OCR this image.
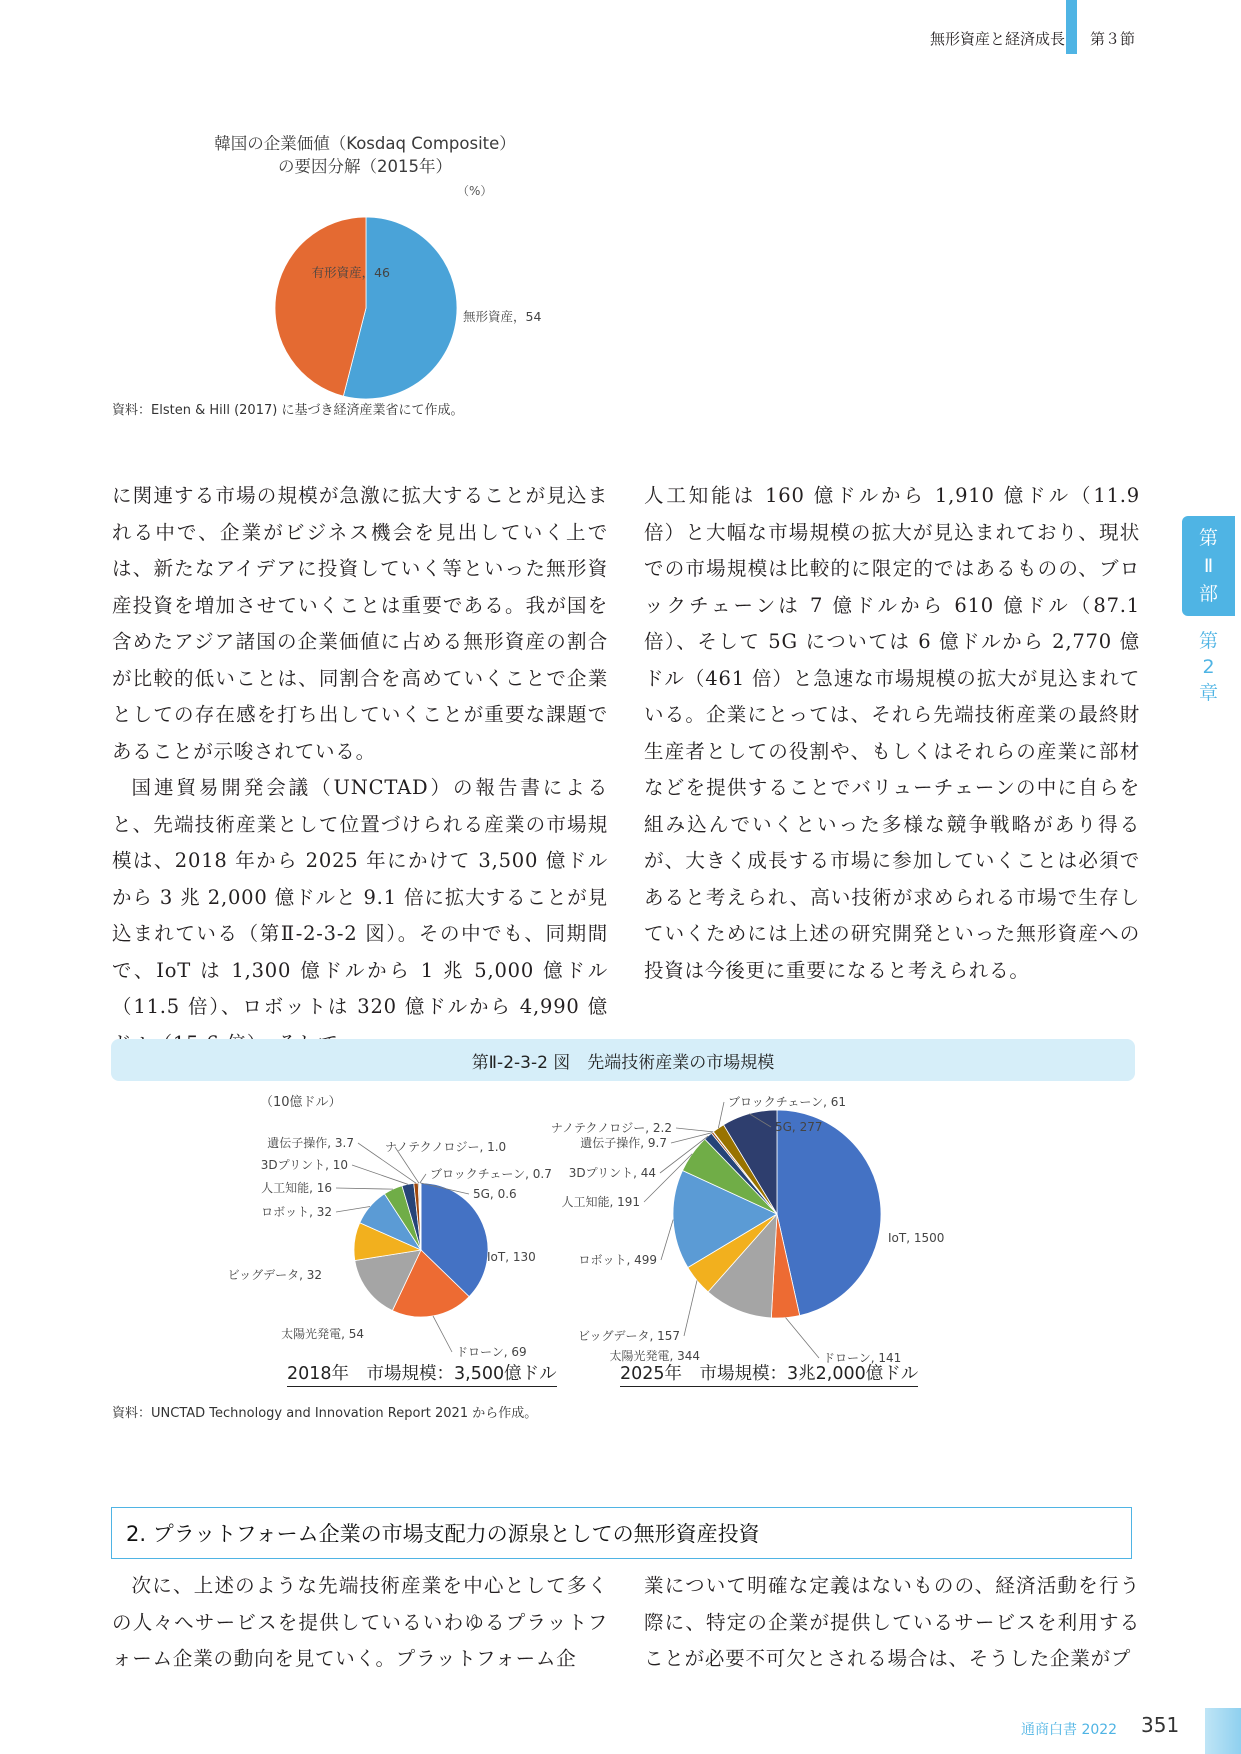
無形資産と経済成長 第３節
第
Ⅱ
部
第
2
章
韓国の企業価値（Kosdaq Composite）
の要因分解（2015年）
（%）
有形資産，46
無形資産，54
資料：Elsten & Hill (2017) に基づき経済産業省にて作成。

に関連する市場の規模が急激に拡大することが見込まれる中で、企業がビジネス機会を見出していく上では、新たなアイデアに投資していく等といった無形資産投資を増加させていくことは重要である。我が国を含めたアジア諸国の企業価値に占める無形資産の割合が比較的低いことは、同割合を高めていくことで企業としての存在感を打ち出していくことが重要な課題であることが示唆されている。

国連貿易開発会議（UNCTAD）の報告書によると、先端技術産業として位置づけられる産業の市場規模は、2018 年から 2025 年にかけて 3,500 億ドルから 3 兆 2,000 億ドルと 9.1 倍に拡大することが見込まれている（第Ⅱ-2-3-2 図）。その中でも、同期間で、IoT は 1,300 億ドルから 1 兆 5,000 億ドル（11.5 倍）、ロボットは 320 億ドルから 4,990 億

人工知能は 160 億ドルから 1,910 億ドル（11.9 倍）と大幅な市場規模の拡大が見込まれており、現状での市場規模は比較的に限定的ではあるものの、ブロックチェーンは 7 億ドルから 610 億ドル（87.1 倍）、そして 5G については 6 億ドルから 2,770 億ドル（461 倍）と急速な市場規模の拡大が見込まれている。企業にとっては、それら先端技術産業の最終財生産者としての役割や、もしくはそれらの産業に部材などを提供することでバリューチェーンの中に自らを組み込んでいくといった多様な競争戦略があり得るが、大きく成長する市場に参加していくことは必須であると考えられ、高い技術が求められる市場で生存していくためには上述の研究開発といった無形資産への投資は今後更に重要になると考えられる。

第Ⅱ-2-3-2 図　先端技術産業の市場規模
（10億ドル）
IoT, 130
ドローン, 69
太陽光発電, 54
ビッグデータ, 32
ロボット, 32
人工知能, 16
3Dプリント, 10
遺伝子操作, 3.7	ナノテクノロジー, 1.0
ブロックチェーン, 0.7
5G, 0.6
IoT, 1500
ドローン, 141
太陽光発電, 344
ビッグデータ, 157
ロボット, 499
人工知能, 191
3Dプリント, 44
遺伝子操作, 9.7
ナノテクノロジー, 2.2
ブロックチェーン, 61
5G, 277
2018年　市場規模：3,500億ドル	2025年　市場規模：3兆2,000億ドル
資料：UNCTAD Technology and Innovation Report 2021 から作成。
2. プラットフォーム企業の市場支配力の源泉としての無形資産投資

次に、上述のような先端技術産業を中心として多くの人々へサービスを提供しているいわゆるプラットフォーム企業の動向を見ていく。プラットフォーム企

業について明確な定義はないものの、経済活動を行う際に、特定の企業が提供しているサービスを利用することが必要不可欠とされる場合は、そうした企業がプ

通商白書 2022 351
